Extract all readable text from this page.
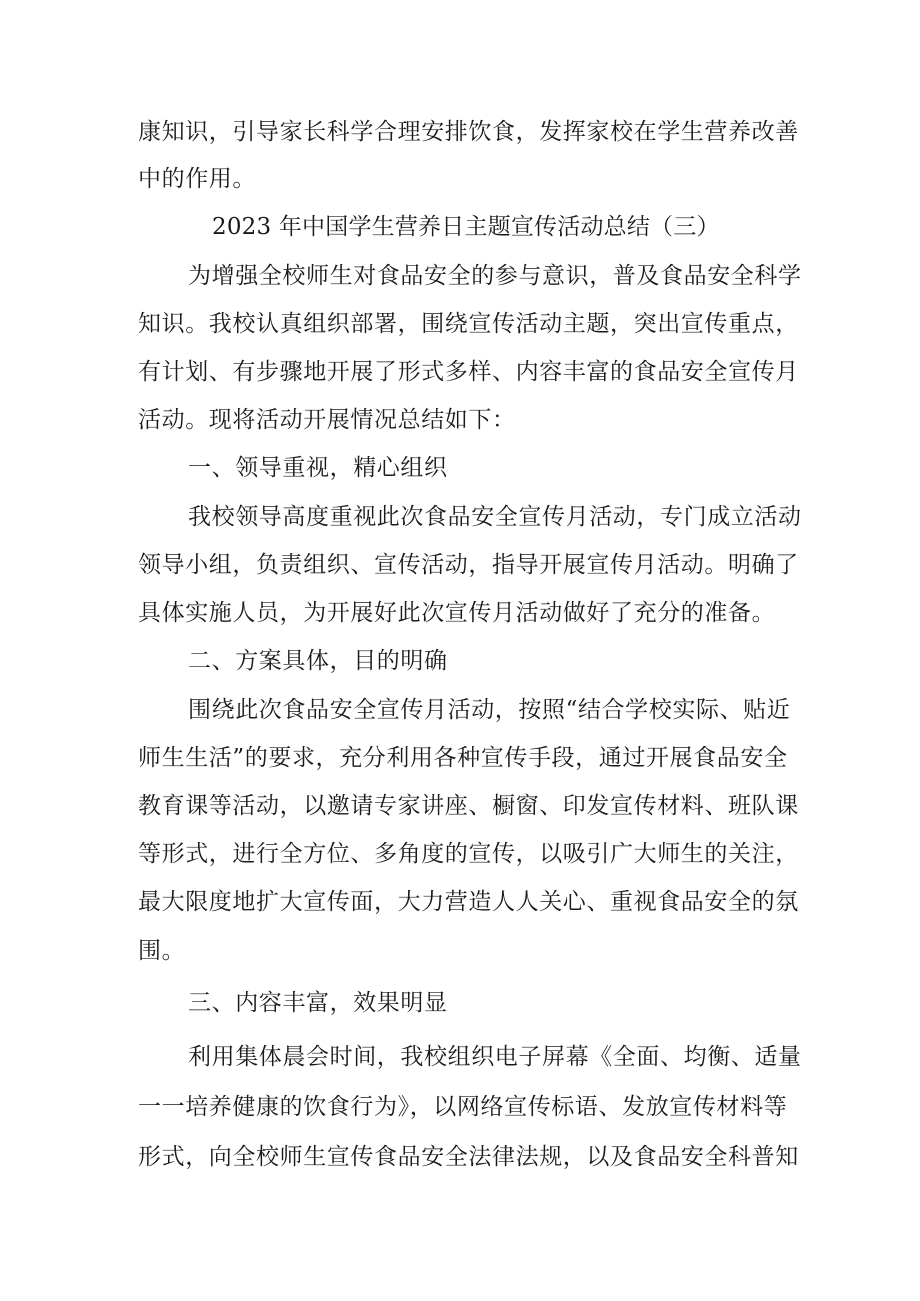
康知识，引导家长科学合理安排饮食，发挥家校在学生营养改善
中的作用。
2023 年中国学生营养日主题宣传活动总结（三）
为增强全校师生对食品安全的参与意识，普及食品安全科学
知识。我校认真组织部署，围绕宣传活动主题，突出宣传重点，
有计划、有步骤地开展了形式多样、内容丰富的食品安全宣传月
活动。现将活动开展情况总结如下：
一、领导重视，精心组织
我校领导高度重视此次食品安全宣传月活动，专门成立活动
领导小组，负责组织、宣传活动，指导开展宣传月活动。明确了
具体实施人员，为开展好此次宣传月活动做好了充分的准备。
二、方案具体，目的明确
围绕此次食品安全宣传月活动，按照“结合学校实际、贴近
师生生活”的要求，充分利用各种宣传手段，通过开展食品安全
教育课等活动，以邀请专家讲座、橱窗、印发宣传材料、班队课
等形式，进行全方位、多角度的宣传，以吸引广大师生的关注，
最大限度地扩大宣传面，大力营造人人关心、重视食品安全的氛
围。
三、内容丰富，效果明显
利用集体晨会时间，我校组织电子屏幕《全面、均衡、适量
一一培养健康的饮食行为》，以网络宣传标语、发放宣传材料等
形式，向全校师生宣传食品安全法律法规，以及食品安全科普知
